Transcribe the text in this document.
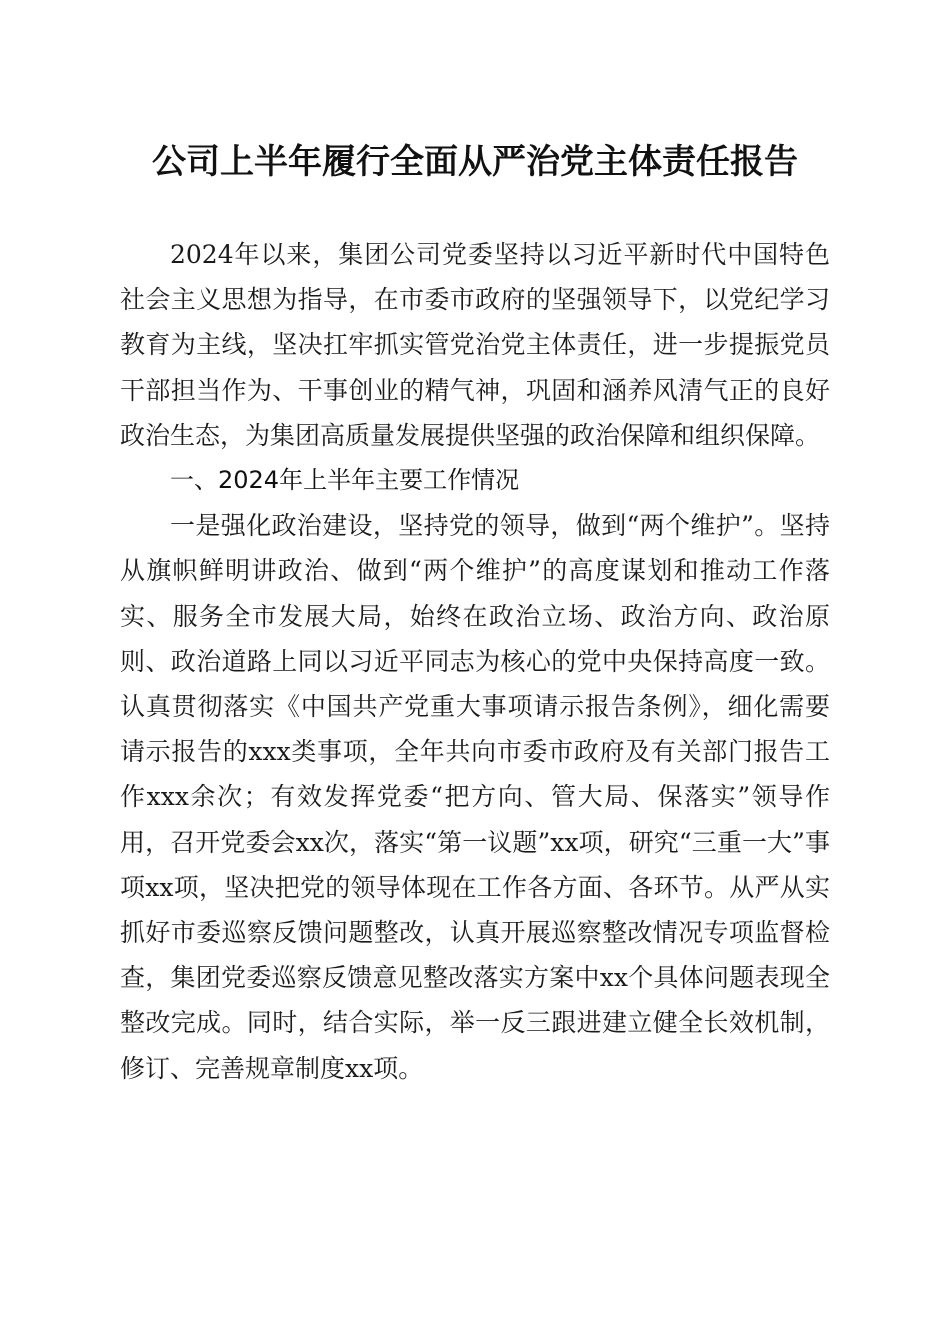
公司上半年履行全面从严治党主体责任报告

2024年以来，集团公司党委坚持以习近平新时代中国特色社会主义思想为指导，在市委市政府的坚强领导下，以党纪学习教育为主线，坚决扛牢抓实管党治党主体责任，进一步提振党员干部担当作为、干事创业的精气神，巩固和涵养风清气正的良好政治生态，为集团高质量发展提供坚强的政治保障和组织保障。

一、2024年上半年主要工作情况

一是强化政治建设，坚持党的领导，做到“两个维护”。坚持从旗帜鲜明讲政治、做到“两个维护”的高度谋划和推动工作落实、服务全市发展大局，始终在政治立场、政治方向、政治原则、政治道路上同以习近平同志为核心的党中央保持高度一致。认真贯彻落实《中国共产党重大事项请示报告条例》，细化需要请示报告的xxx类事项，全年共向市委市政府及有关部门报告工作xxx余次；有效发挥党委“把方向、管大局、保落实”领导作用，召开党委会xx次，落实“第一议题”xx项，研究“三重一大”事项xx项，坚决把党的领导体现在工作各方面、各环节。从严从实抓好市委巡察反馈问题整改，认真开展巡察整改情况专项监督检查，集团党委巡察反馈意见整改落实方案中xx个具体问题表现全整改完成。同时，结合实际，举一反三跟进建立健全长效机制，修订、完善规章制度xx项。
